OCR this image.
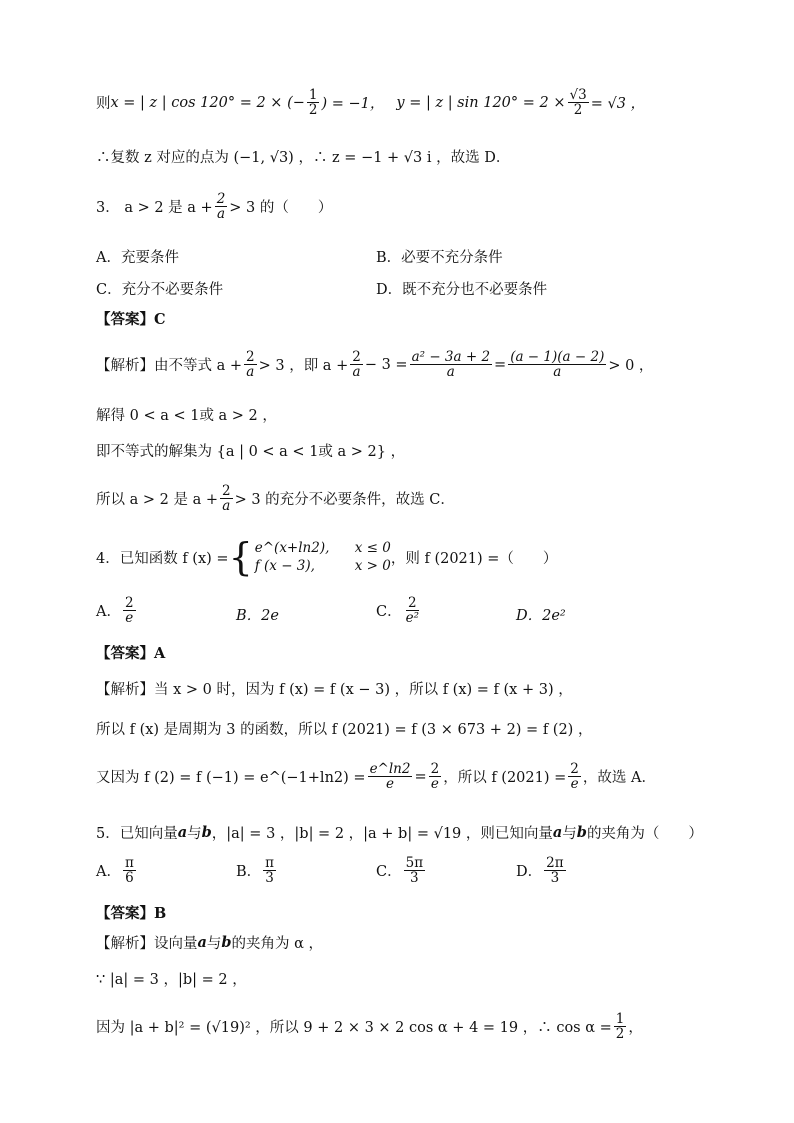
则 x = | z | cos 120° = 2 × (− $\frac{1}{2}$ ) = −1， y = | z | $\sin 120^\circ = 2 \times \frac{√3}{2} = √3$ ，
∴复数 z 对应的点为 (−1, √3) ，∴ z = −1 + √3 i ，故选 D．
3． a > 2 是 $a + \frac{2}{a} > 3$ 的（　　）
A．充要条件	B．必要不充分条件
C．充分不必要条件	D．既不充分也不必要条件
【答案】C
【解析】由不等式 $a + \frac{2}{a} > 3$ ，即 $a + \frac{2}{a} - 3 = \frac{\text{a² − 3a + 2}}{a} = \frac{(a - 1)(a - 2)}{a} > 0$ ，
解得 0 < a < 1或 a > 2 ，
即不等式的解集为 {a | 0 < a < 1或 a > 2} ，
所以 a > 2 是 $a + \frac{2}{a} > 3$ 的充分不必要条件，故选 C．
4．已知函数 f (x) = { e^(x+ln2),	x ≤ 0
f (x − 3),	x > 0 ，则 f (2021) =（　　）
A． $\frac{2}{e}$	B．2e	C． $\frac{2}{\text{e²}}$	D．2e²
【答案】A
【解析】当 x > 0 时，因为 f (x) = f (x − 3) ，所以 f (x) = f (x + 3) ，
所以 f (x) 是周期为 3 的函数，所以 f (2021) = f (3 × 673 + 2) = f (2) ，
又因为 f (2) = f (−1) = e^(−1+ln2) = $\frac{e\^{}\ln 2}{e} = \frac{2}{e}$ ，所以 f $(2021) = \frac{2}{e}$ ，故选 A．
5．已知向量 a 与 b ，|a| = 3 ，|b| = 2 ，|a + b| = √19 ，则已知向量 a 与 b 的夹角为（　　）
A． $\frac{\pi}{6}$	B． $\frac{\pi}{3}$	C． $\frac{5\pi}{3}$	D． $\frac{2\pi}{3}$
【答案】B
【解析】设向量 a 与 b 的夹角为 α ，
∵ |a| = 3 ，|b| = 2 ，
因为 |a + b|² = (√19)² ，所以 9 + 2 × 3 × 2 cos α + 4 = 19 ，∴ $\cos \alpha = \frac{1}{2}$ ，
